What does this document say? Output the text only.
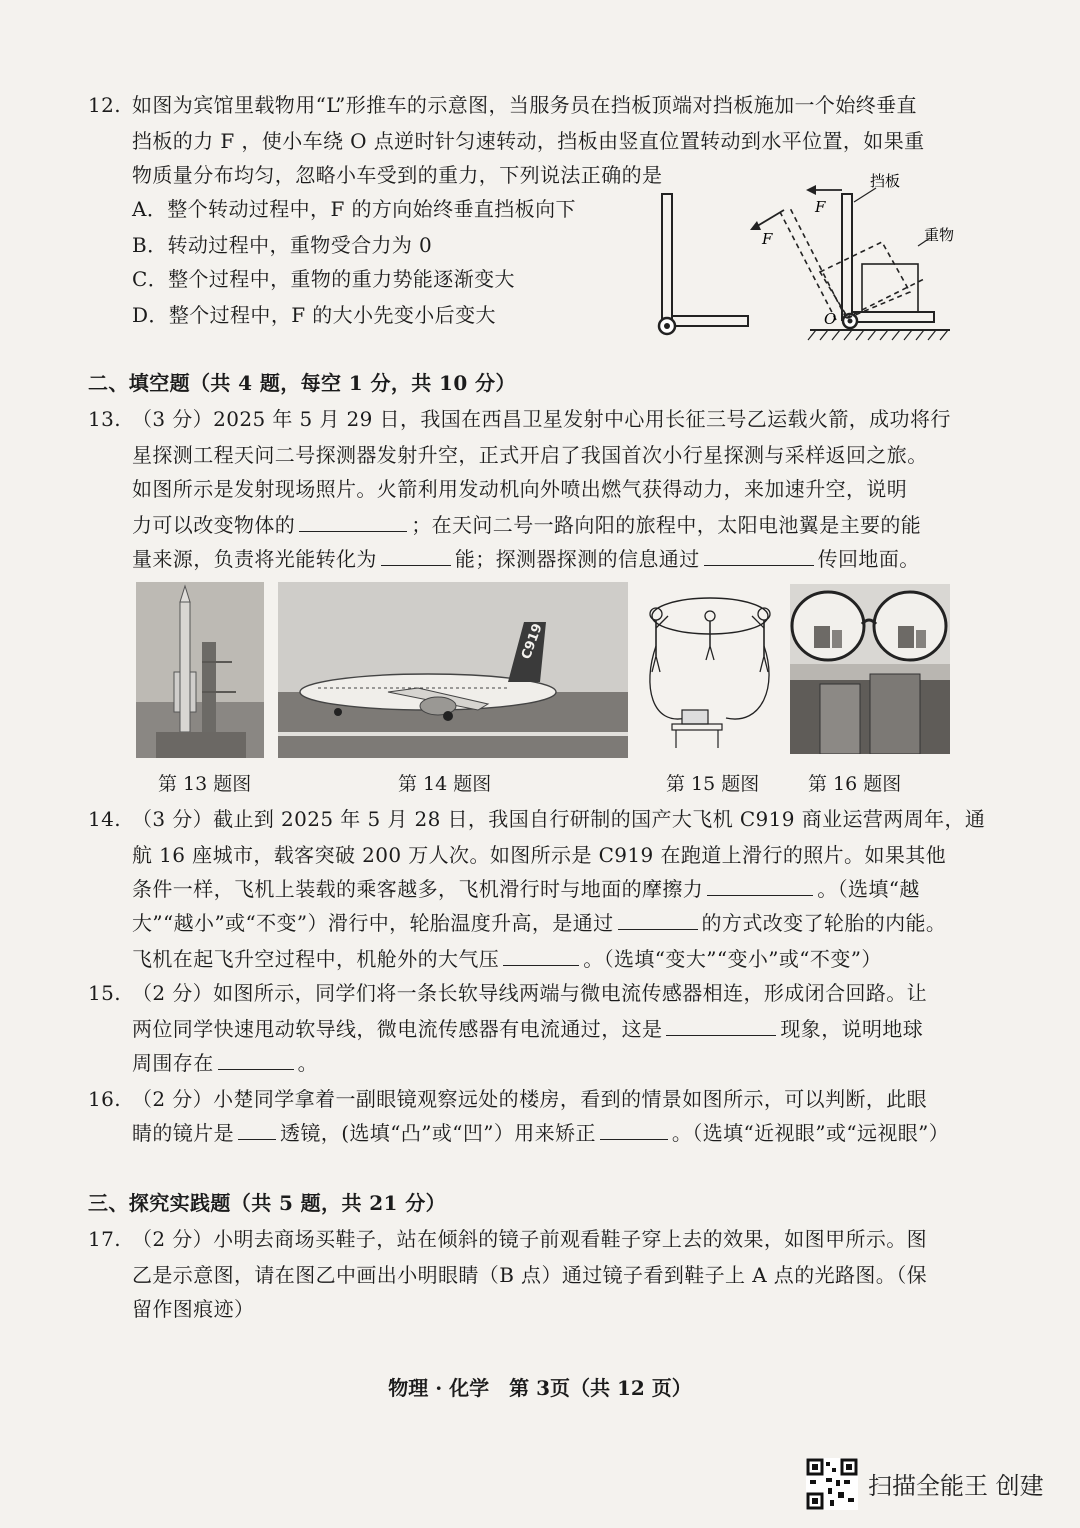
12. 如图为宾馆里载物用“L”形推车的示意图，当服务员在挡板顶端对挡板施加一个始终垂直
挡板的力 F ，使小车绕 O 点逆时针匀速转动，挡板由竖直位置转动到水平位置，如果重
物质量分布均匀，忽略小车受到的重力，下列说法正确的是
A．整个转动过程中，F 的方向始终垂直挡板向下
B．转动过程中，重物受合力为 0
C．整个过程中，重物的重力势能逐渐变大
D．整个过程中，F 的大小先变小后变大
F
F
挡板
重物
O
二、填空题（共 4 题，每空 1 分，共 10 分）
13. （3 分）2025 年 5 月 29 日，我国在西昌卫星发射中心用长征三号乙运载火箭，成功将行
星探测工程天问二号探测器发射升空，正式开启了我国首次小行星探测与采样返回之旅。
如图所示是发射现场照片。火箭利用发动机向外喷出燃气获得动力，来加速升空，说明
力可以改变物体的	；在天问二号一路向阳的旅程中，太阳电池翼是主要的能
量来源，负责将光能转化为	能；探测器探测的信息通过	传回地面。
C919
第 13 题图	第 14 题图	第 15 题图	第 16 题图
14. （3 分）截止到 2025 年 5 月 28 日，我国自行研制的国产大飞机 C919 商业运营两周年，通
航 16 座城市，载客突破 200 万人次。如图所示是 C919 在跑道上滑行的照片。如果其他
条件一样，飞机上装载的乘客越多，飞机滑行时与地面的摩擦力	。（选填“越
大”“越小”或“不变”）滑行中，轮胎温度升高，是通过	的方式改变了轮胎的内能。
飞机在起飞升空过程中，机舱外的大气压	。（选填“变大”“变小”或“不变”）
15. （2 分）如图所示，同学们将一条长软导线两端与微电流传感器相连，形成闭合回路。让
两位同学快速甩动软导线，微电流传感器有电流通过，这是	现象，说明地球
周围存在	。
16. （2 分）小楚同学拿着一副眼镜观察远处的楼房，看到的情景如图所示，可以判断，此眼
睛的镜片是 透镜，(选填“凸”或“凹”）用来矫正	。（选填“近视眼”或“远视眼”）
三、探究实践题（共 5 题，共 21 分）
17. （2 分）小明去商场买鞋子，站在倾斜的镜子前观看鞋子穿上去的效果，如图甲所示。图
乙是示意图，请在图乙中画出小明眼睛（B 点）通过镜子看到鞋子上 A 点的光路图。（保
留作图痕迹）
物理 · 化学　第 3页（共 12 页）
扫描全能王 创建
